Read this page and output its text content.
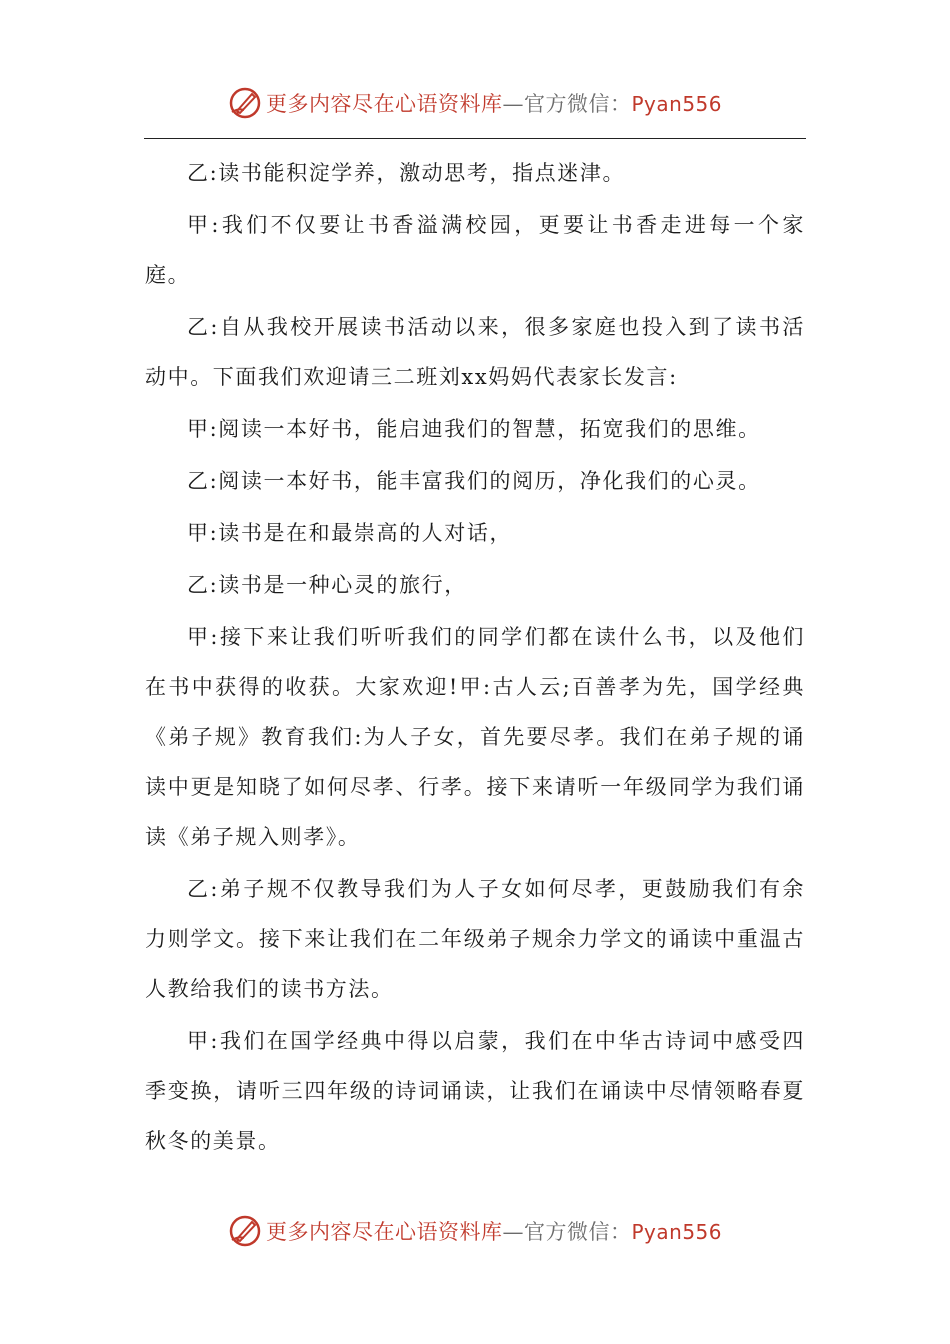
更多内容尽在心语资料库—官方微信：Pyan556

乙:读书能积淀学养，激动思考，指点迷津。

甲:我们不仅要让书香溢满校园，更要让书香走进每一个家庭。

乙:自从我校开展读书活动以来，很多家庭也投入到了读书活动中。下面我们欢迎请三二班刘xx妈妈代表家长发言:

甲:阅读一本好书，能启迪我们的智慧，拓宽我们的思维。

乙:阅读一本好书，能丰富我们的阅历，净化我们的心灵。

甲:读书是在和最崇高的人对话，

乙:读书是一种心灵的旅行，

甲:接下来让我们听听我们的同学们都在读什么书，以及他们在书中获得的收获。大家欢迎!甲:古人云;百善孝为先，国学经典《弟子规》教育我们:为人子女，首先要尽孝。我们在弟子规的诵读中更是知晓了如何尽孝、行孝。接下来请听一年级同学为我们诵读《弟子规入则孝》。

乙:弟子规不仅教导我们为人子女如何尽孝，更鼓励我们有余力则学文。接下来让我们在二年级弟子规余力学文的诵读中重温古人教给我们的读书方法。

甲:我们在国学经典中得以启蒙，我们在中华古诗词中感受四季变换，请听三四年级的诗词诵读，让我们在诵读中尽情领略春夏秋冬的美景。

更多内容尽在心语资料库—官方微信：Pyan556
